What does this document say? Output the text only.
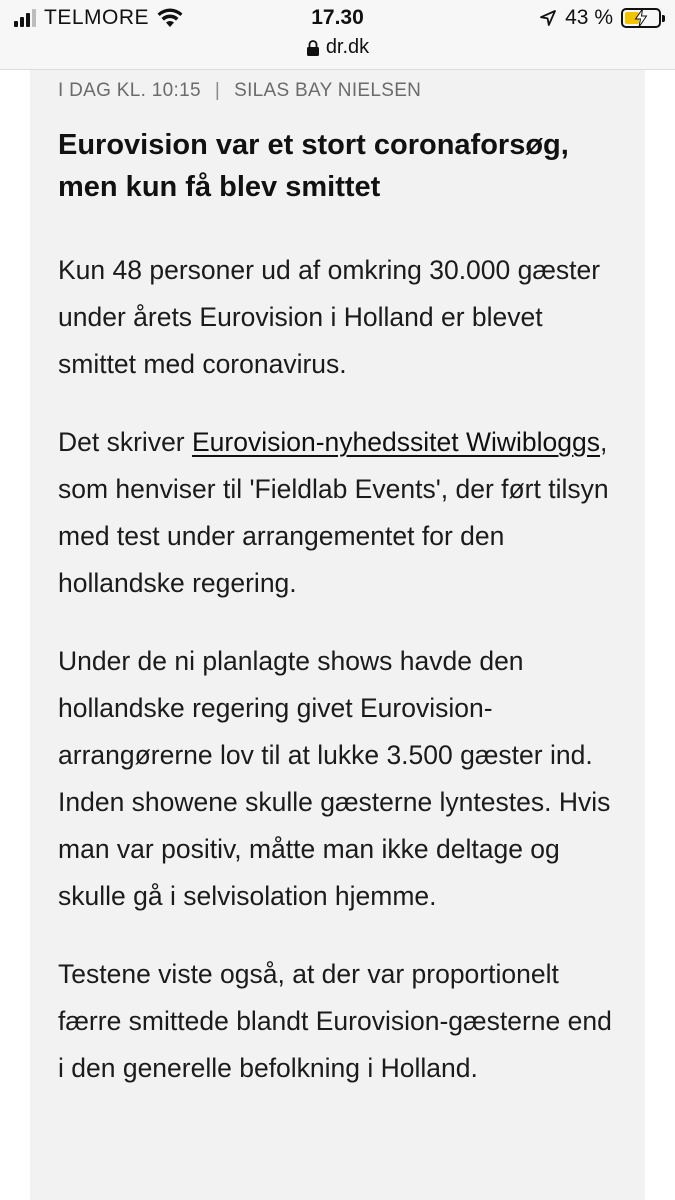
TELMORE	17.30
dr.dk
43 %
I DAG KL. 10:15 | SILAS BAY NIELSEN
Eurovision var et stort coronaforsøg, men kun få blev smittet

Kun 48 personer ud af omkring 30.000 gæster under årets Eurovision i Holland er blevet smittet med coronavirus.

Det skriver Eurovision-nyhedssitet Wiwibloggs, som henviser til 'Fieldlab Events', der ført tilsyn med test under arrangementet for den hollandske regering.

Under de ni planlagte shows havde den hollandske regering givet Eurovision-arrangørerne lov til at lukke 3.500 gæster ind. Inden showene skulle gæsterne lyntestes. Hvis man var positiv, måtte man ikke deltage og skulle gå i selvisolation hjemme.

Testene viste også, at der var proportionelt færre smittede blandt Eurovision-gæsterne end i den generelle befolkning i Holland.
